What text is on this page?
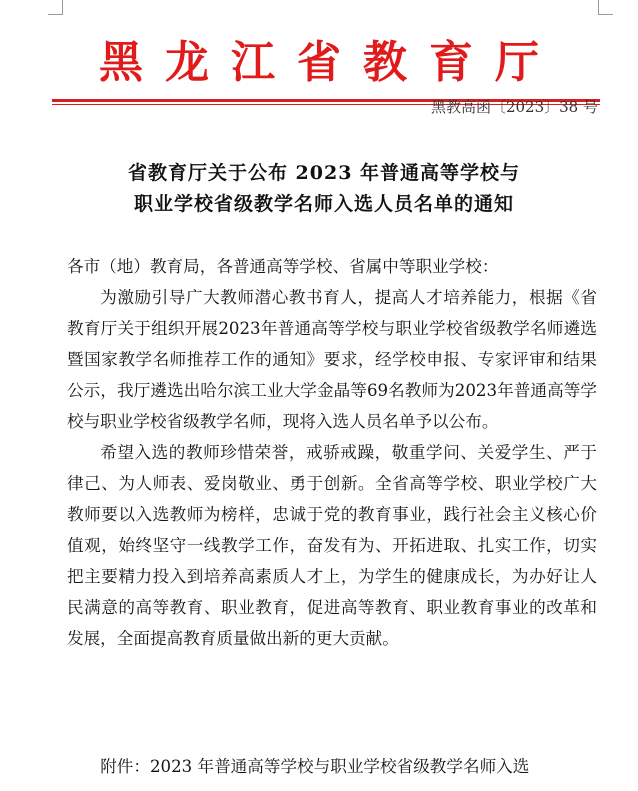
黑龙江省教育厅
黑教高函〔2023〕38 号
省教育厅关于公布 2023 年普通高等学校与
职业学校省级教学名师入选人员名单的通知

各市（地）教育局，各普通高等学校、省属中等职业学校：

为激励引导广大教师潜心教书育人，提高人才培养能力，根据《省教育厅关于组织开展2023年普通高等学校与职业学校省级教学名师遴选暨国家教学名师推荐工作的通知》要求，经学校申报、专家评审和结果公示，我厅遴选出哈尔滨工业大学金晶等69名教师为2023年普通高等学校与职业学校省级教学名师，现将入选人员名单予以公布。

希望入选的教师珍惜荣誉，戒骄戒躁，敬重学问、关爱学生、严于律己、为人师表、爱岗敬业、勇于创新。全省高等学校、职业学校广大教师要以入选教师为榜样，忠诚于党的教育事业，践行社会主义核心价值观，始终坚守一线教学工作，奋发有为、开拓进取、扎实工作，切实把主要精力投入到培养高素质人才上，为学生的健康成长，为办好让人民满意的高等教育、职业教育，促进高等教育、职业教育事业的改革和发展，全面提高教育质量做出新的更大贡献。

附件：2023 年普通高等学校与职业学校省级教学名师入选
